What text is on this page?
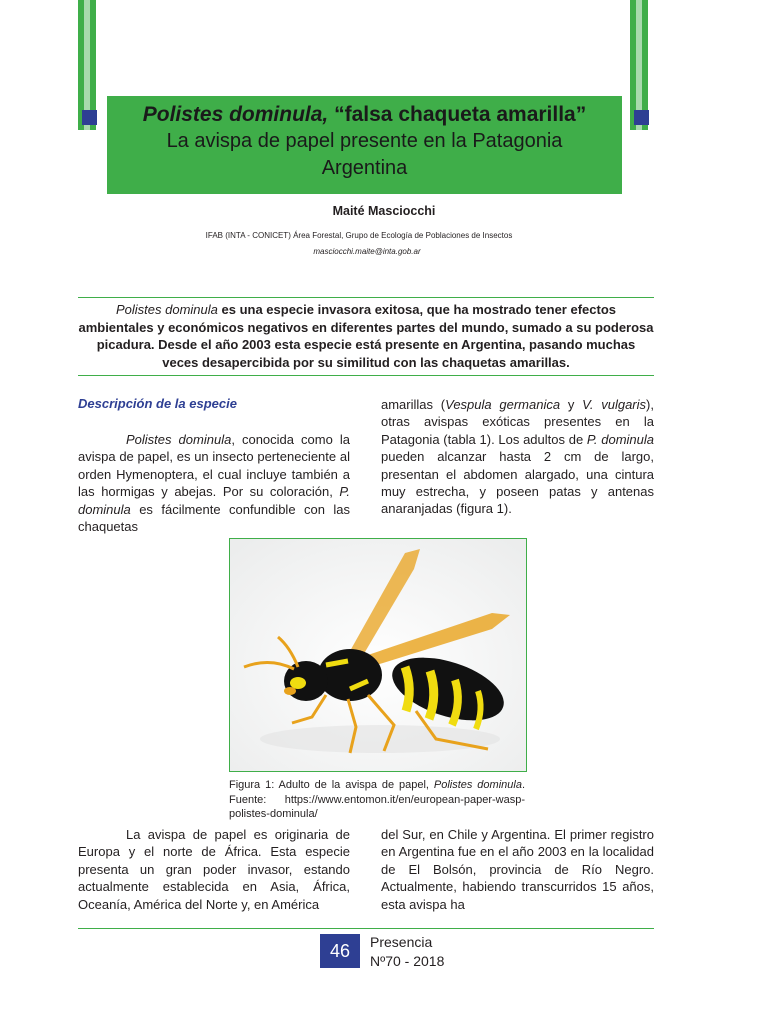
Polistes dominula, “falsa chaqueta amarilla”
La avispa de papel presente en la Patagonia
Argentina
Maité Masciocchi
IFAB (INTA - CONICET) Área Forestal, Grupo de Ecología de Poblaciones de Insectos
masciocchi.maite@inta.gob.ar
Polistes dominula es una especie invasora exitosa, que ha mostrado tener efectos ambientales y económicos negativos en diferentes partes del mundo, sumado a su poderosa picadura. Desde el año 2003 esta especie está presente en Argentina, pasando muchas veces desapercibida por su similitud con las chaquetas amarillas.
Descripción de la especie
Polistes dominula, conocida como la avispa de papel, es un insecto perteneciente al orden Hymenoptera, el cual incluye también a las hormigas y abejas. Por su coloración, P. dominula es fácilmente confundible con las chaquetas
amarillas (Vespula germanica y V. vulgaris), otras avispas exóticas presentes en la Patagonia (tabla 1). Los adultos de P. dominula pueden alcanzar hasta 2 cm de largo, presentan el abdomen alargado, una cintura muy estrecha, y poseen patas y antenas anaranjadas (figura 1).
Figura 1: Adulto de la avispa de papel, Polistes dominula. Fuente: https://www.entomon.it/en/european-paper-wasp-polistes-dominula/
La avispa de papel es originaria de Europa y el norte de África. Esta especie presenta un gran poder invasor, estando actualmente establecida en Asia, África, Oceanía, América del Norte y, en América
del Sur, en Chile y Argentina. El primer registro en Argentina fue en el año 2003 en la localidad de El Bolsón, provincia de Río Negro. Actualmente, habiendo transcurridos 15 años, esta avispa ha
46	Presencia
Nº70 - 2018
